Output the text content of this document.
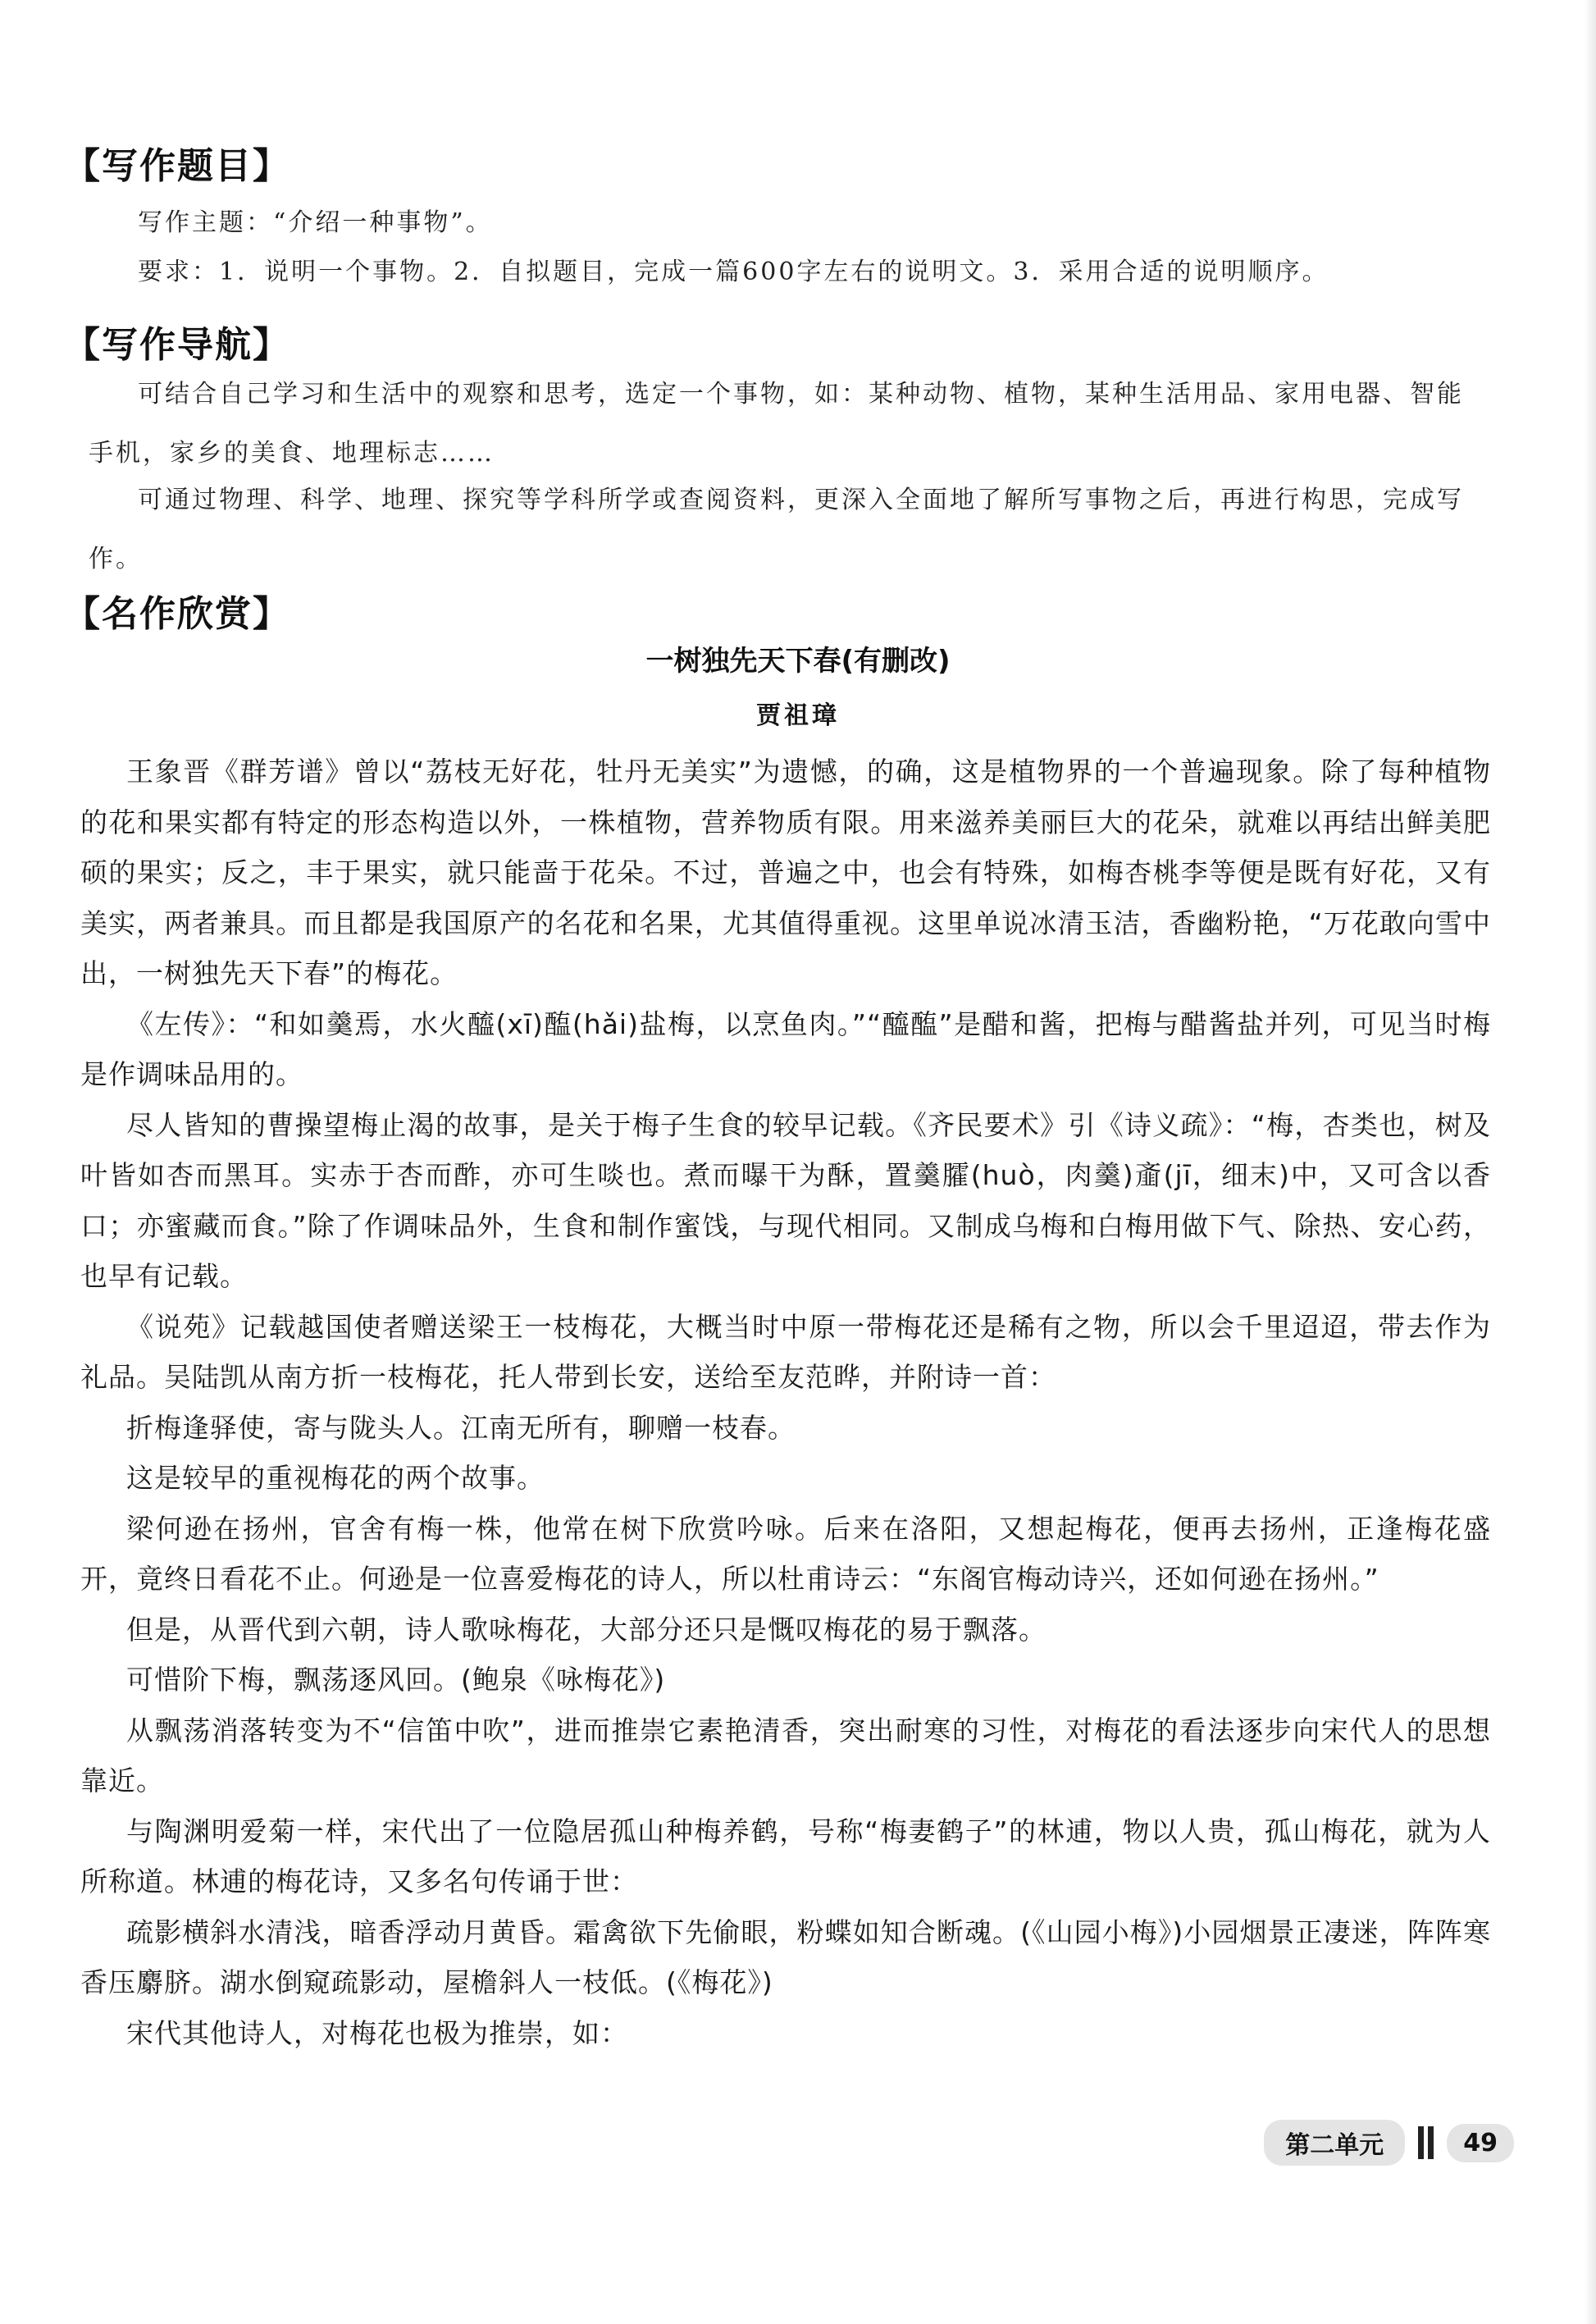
【写作题目】
写作主题：“介绍一种事物”。
要求：1．说明一个事物。2．自拟题目，完成一篇600字左右的说明文。3．采用合适的说明顺序。
【写作导航】
可结合自己学习和生活中的观察和思考，选定一个事物，如：某种动物、植物，某种生活用品、家用电器、智能手机，家乡的美食、地理标志……
可通过物理、科学、地理、探究等学科所学或查阅资料，更深入全面地了解所写事物之后，再进行构思，完成写作。
【名作欣赏】
一树独先天下春(有删改)
贾祖璋

王象晋《群芳谱》曾以“荔枝无好花，牡丹无美实”为遗憾，的确，这是植物界的一个普遍现象。除了每种植物的花和果实都有特定的形态构造以外，一株植物，营养物质有限。用来滋养美丽巨大的花朵，就难以再结出鲜美肥硕的果实；反之，丰于果实，就只能啬于花朵。不过，普遍之中，也会有特殊，如梅杏桃李等便是既有好花，又有美实，两者兼具。而且都是我国原产的名花和名果，尤其值得重视。这里单说冰清玉洁，香幽粉艳，“万花敢向雪中出，一树独先天下春”的梅花。

《左传》：“和如羹焉，水火醯(xī)醢(hǎi)盐梅，以烹鱼肉。”“醯醢”是醋和酱，把梅与醋酱盐并列，可见当时梅是作调味品用的。

尽人皆知的曹操望梅止渴的故事，是关于梅子生食的较早记载。《齐民要术》引《诗义疏》：“梅，杏类也，树及叶皆如杏而黑耳。实赤于杏而酢，亦可生啖也。煮而曝干为酥，置羹臛(huò，肉羹)齑(jī，细末)中，又可含以香口；亦蜜藏而食。”除了作调味品外，生食和制作蜜饯，与现代相同。又制成乌梅和白梅用做下气、除热、安心药，也早有记载。

《说苑》记载越国使者赠送梁王一枝梅花，大概当时中原一带梅花还是稀有之物，所以会千里迢迢，带去作为礼品。吴陆凯从南方折一枝梅花，托人带到长安，送给至友范晔，并附诗一首：

折梅逢驿使，寄与陇头人。江南无所有，聊赠一枝春。

这是较早的重视梅花的两个故事。

梁何逊在扬州，官舍有梅一株，他常在树下欣赏吟咏。后来在洛阳，又想起梅花，便再去扬州，正逢梅花盛开，竟终日看花不止。何逊是一位喜爱梅花的诗人，所以杜甫诗云：“东阁官梅动诗兴，还如何逊在扬州。”

但是，从晋代到六朝，诗人歌咏梅花，大部分还只是慨叹梅花的易于飘落。

可惜阶下梅，飘荡逐风回。(鲍泉《咏梅花》)

从飘荡消落转变为不“信笛中吹”，进而推崇它素艳清香，突出耐寒的习性，对梅花的看法逐步向宋代人的思想靠近。

与陶渊明爱菊一样，宋代出了一位隐居孤山种梅养鹤，号称“梅妻鹤子”的林逋，物以人贵，孤山梅花，就为人所称道。林逋的梅花诗，又多名句传诵于世：

疏影横斜水清浅，暗香浮动月黄昏。霜禽欲下先偷眼，粉蝶如知合断魂。(《山园小梅》)小园烟景正凄迷，阵阵寒香压麝脐。湖水倒窥疏影动，屋檐斜人一枝低。(《梅花》)

宋代其他诗人，对梅花也极为推崇，如：

第二单元	49
